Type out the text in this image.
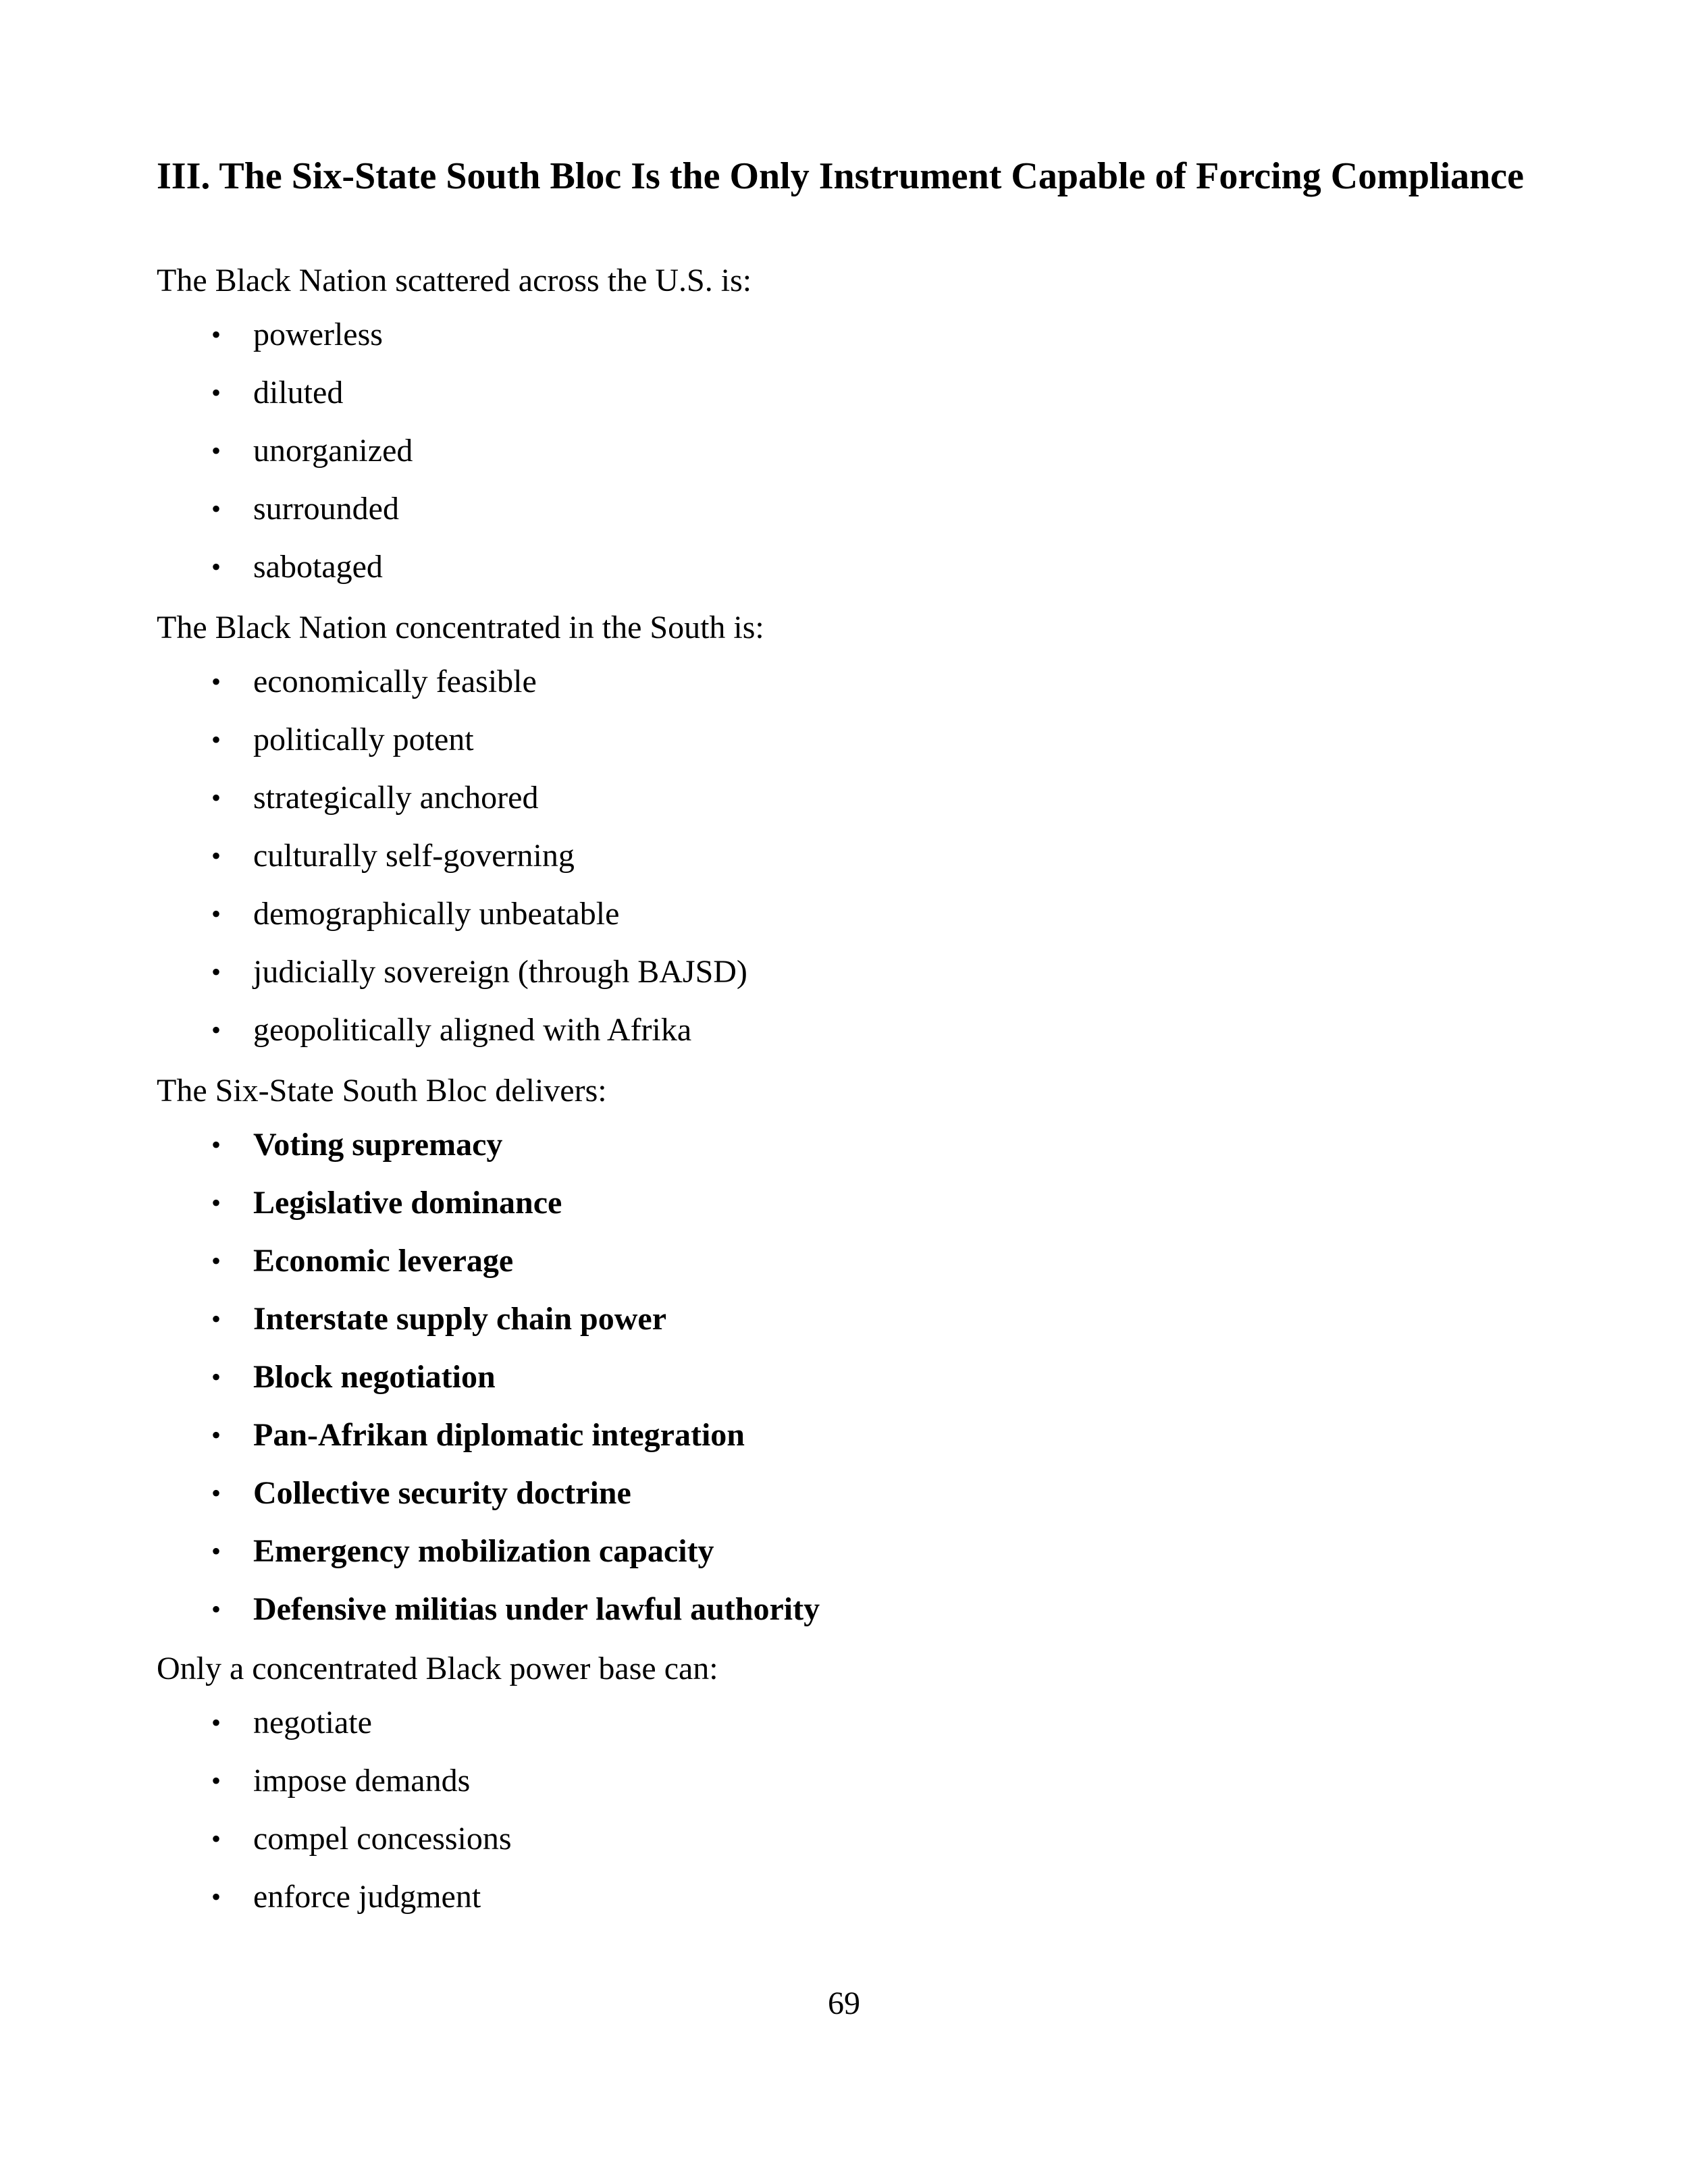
III. The Six-State South Bloc Is the Only Instrument Capable of Forcing Compliance

The Black Nation scattered across the U.S. is:

• powerless
• diluted
• unorganized
• surrounded
• sabotaged

The Black Nation concentrated in the South is:

• economically feasible
• politically potent
• strategically anchored
• culturally self-governing
• demographically unbeatable
• judicially sovereign (through BAJSD)
• geopolitically aligned with Afrika

The Six-State South Bloc delivers:

• Voting supremacy
• Legislative dominance
• Economic leverage
• Interstate supply chain power
• Block negotiation
• Pan-Afrikan diplomatic integration
• Collective security doctrine
• Emergency mobilization capacity
• Defensive militias under lawful authority

Only a concentrated Black power base can:

• negotiate
• impose demands
• compel concessions
• enforce judgment

69
